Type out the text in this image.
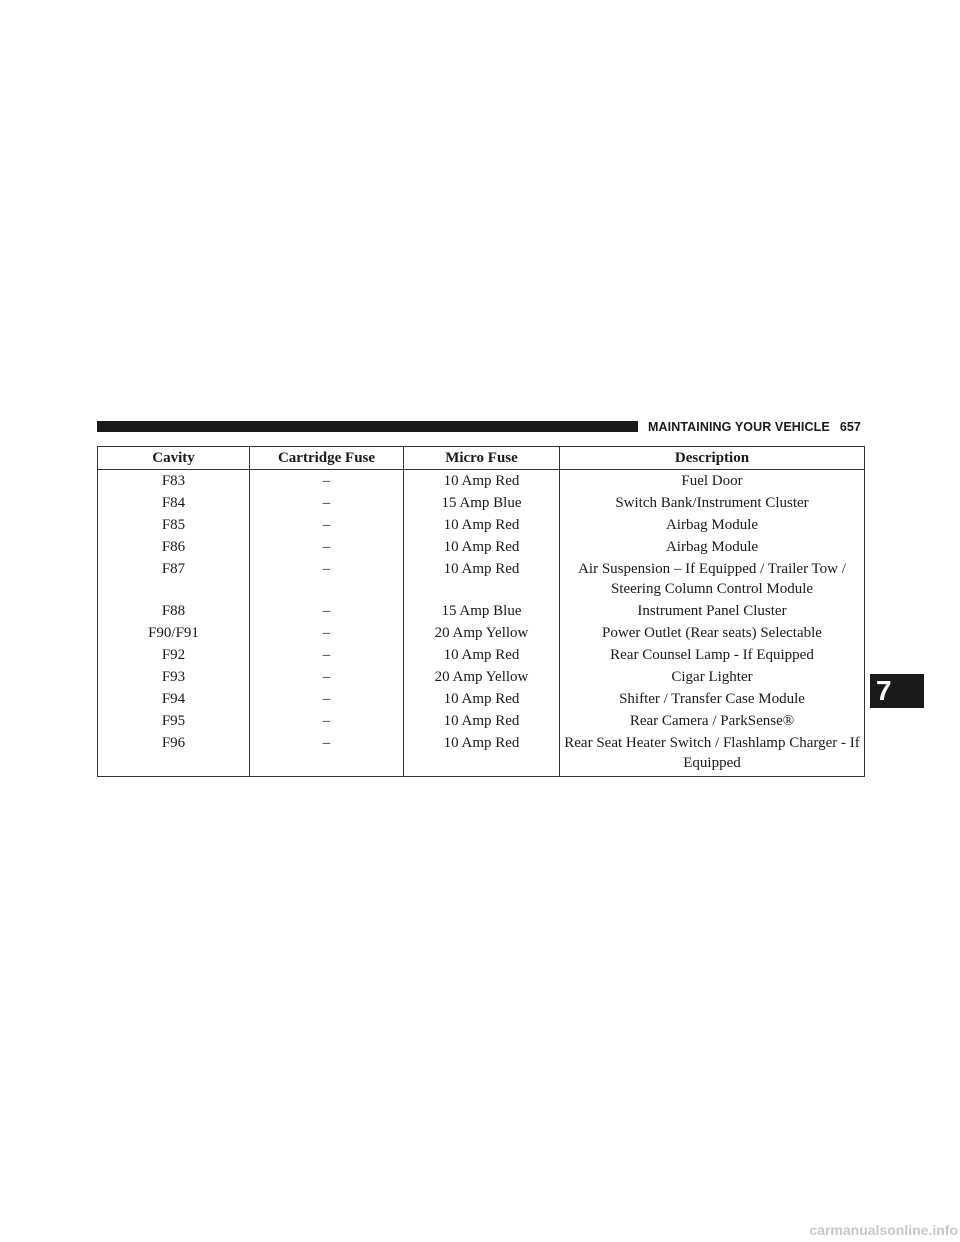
MAINTAINING YOUR VEHICLE 657
Cavity	Cartridge Fuse	Micro Fuse	Description
F83	–	10 Amp Red	Fuel Door
F84	–	15 Amp Blue	Switch Bank/Instrument Cluster
F85	–	10 Amp Red	Airbag Module
F86	–	10 Amp Red	Airbag Module
F87	–	10 Amp Red	Air Suspension – If Equipped / Trailer Tow / Steering Column Control Module
F88	–	15 Amp Blue	Instrument Panel Cluster
F90/F91	–	20 Amp Yellow	Power Outlet (Rear seats) Selectable
F92	–	10 Amp Red	Rear Counsel Lamp - If Equipped
F93	–	20 Amp Yellow	Cigar Lighter
F94	–	10 Amp Red	Shifter / Transfer Case Module
F95	–	10 Amp Red	Rear Camera / ParkSense®
F96	–	10 Amp Red	Rear Seat Heater Switch / Flashlamp Charger - If Equipped
7
carmanualsonline.info
